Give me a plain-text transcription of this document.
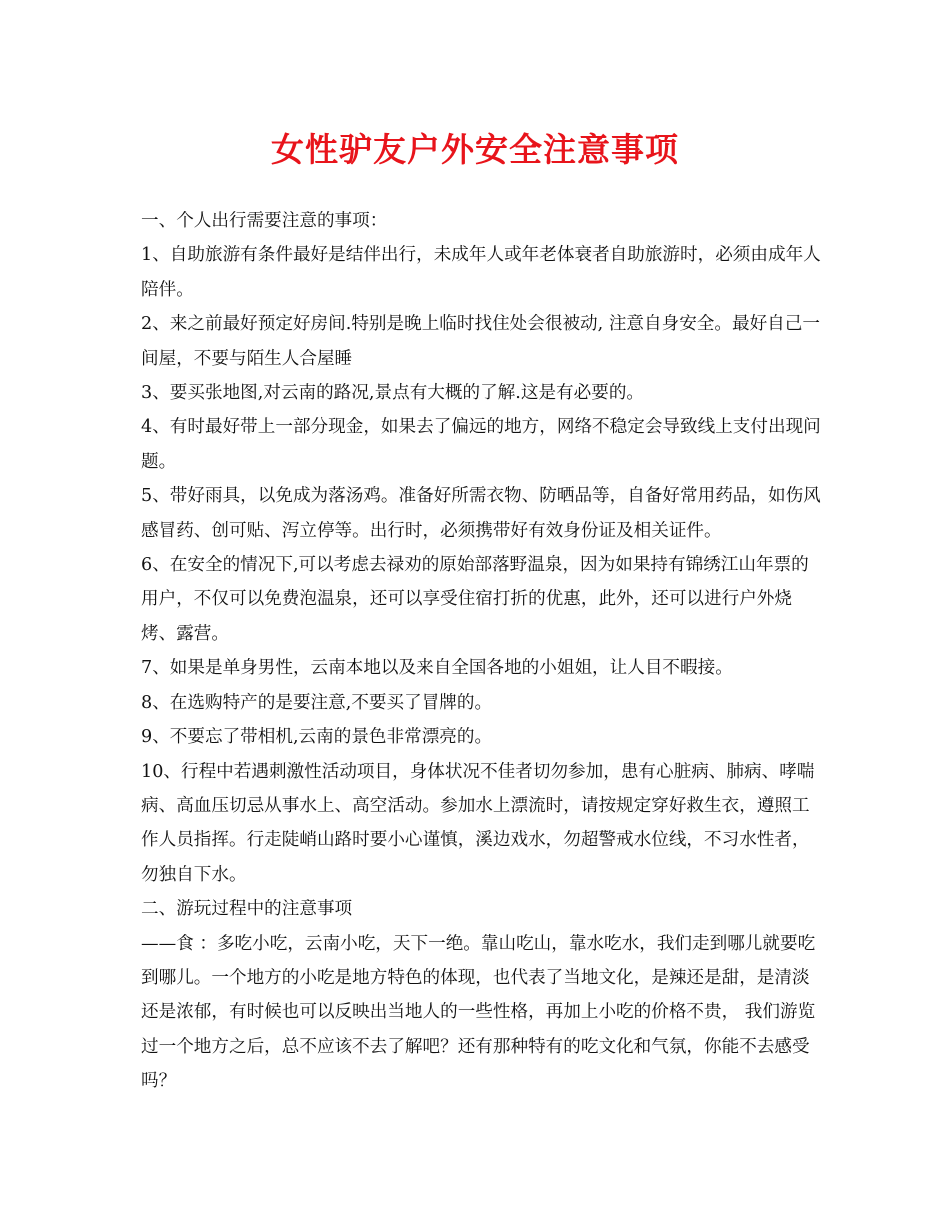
女性驴友户外安全注意事项

一、个人出行需要注意的事项：

1、自助旅游有条件最好是结伴出行，未成年人或年老体衰者自助旅游时，必须由成年人陪伴。

2、来之前最好预定好房间.特别是晚上临时找住处会很被动, 注意自身安全。最好自己一间屋，不要与陌生人合屋睡

3、要买张地图,对云南的路况,景点有大概的了解.这是有必要的。

4、有时最好带上一部分现金，如果去了偏远的地方，网络不稳定会导致线上支付出现问题。

5、带好雨具，以免成为落汤鸡。准备好所需衣物、防晒品等，自备好常用药品，如伤风感冒药、创可贴、泻立停等。出行时，必须携带好有效身份证及相关证件。

6、在安全的情况下,可以考虑去禄劝的原始部落野温泉，因为如果持有锦绣江山年票的用户，不仅可以免费泡温泉，还可以享受住宿打折的优惠，此外，还可以进行户外烧烤、露营。

7、如果是单身男性，云南本地以及来自全国各地的小姐姐，让人目不暇接。

8、在选购特产的是要注意,不要买了冒牌的。

9、不要忘了带相机,云南的景色非常漂亮的。

10、行程中若遇刺激性活动项目，身体状况不佳者切勿参加，患有心脏病、肺病、哮喘病、高血压切忌从事水上、高空活动。参加水上漂流时，请按规定穿好救生衣，遵照工作人员指挥。行走陡峭山路时要小心谨慎，溪边戏水，勿超警戒水位线，不习水性者，勿独自下水。

二、游玩过程中的注意事项

——食 ：多吃小吃，云南小吃，天下一绝。靠山吃山，靠水吃水，我们走到哪儿就要吃到哪儿。一个地方的小吃是地方特色的体现，也代表了当地文化，是辣还是甜，是清淡还是浓郁，有时候也可以反映出当地人的一些性格，再加上小吃的价格不贵， 我们游览过一个地方之后，总不应该不去了解吧？还有那种特有的吃文化和气氛，你能不去感受吗？
